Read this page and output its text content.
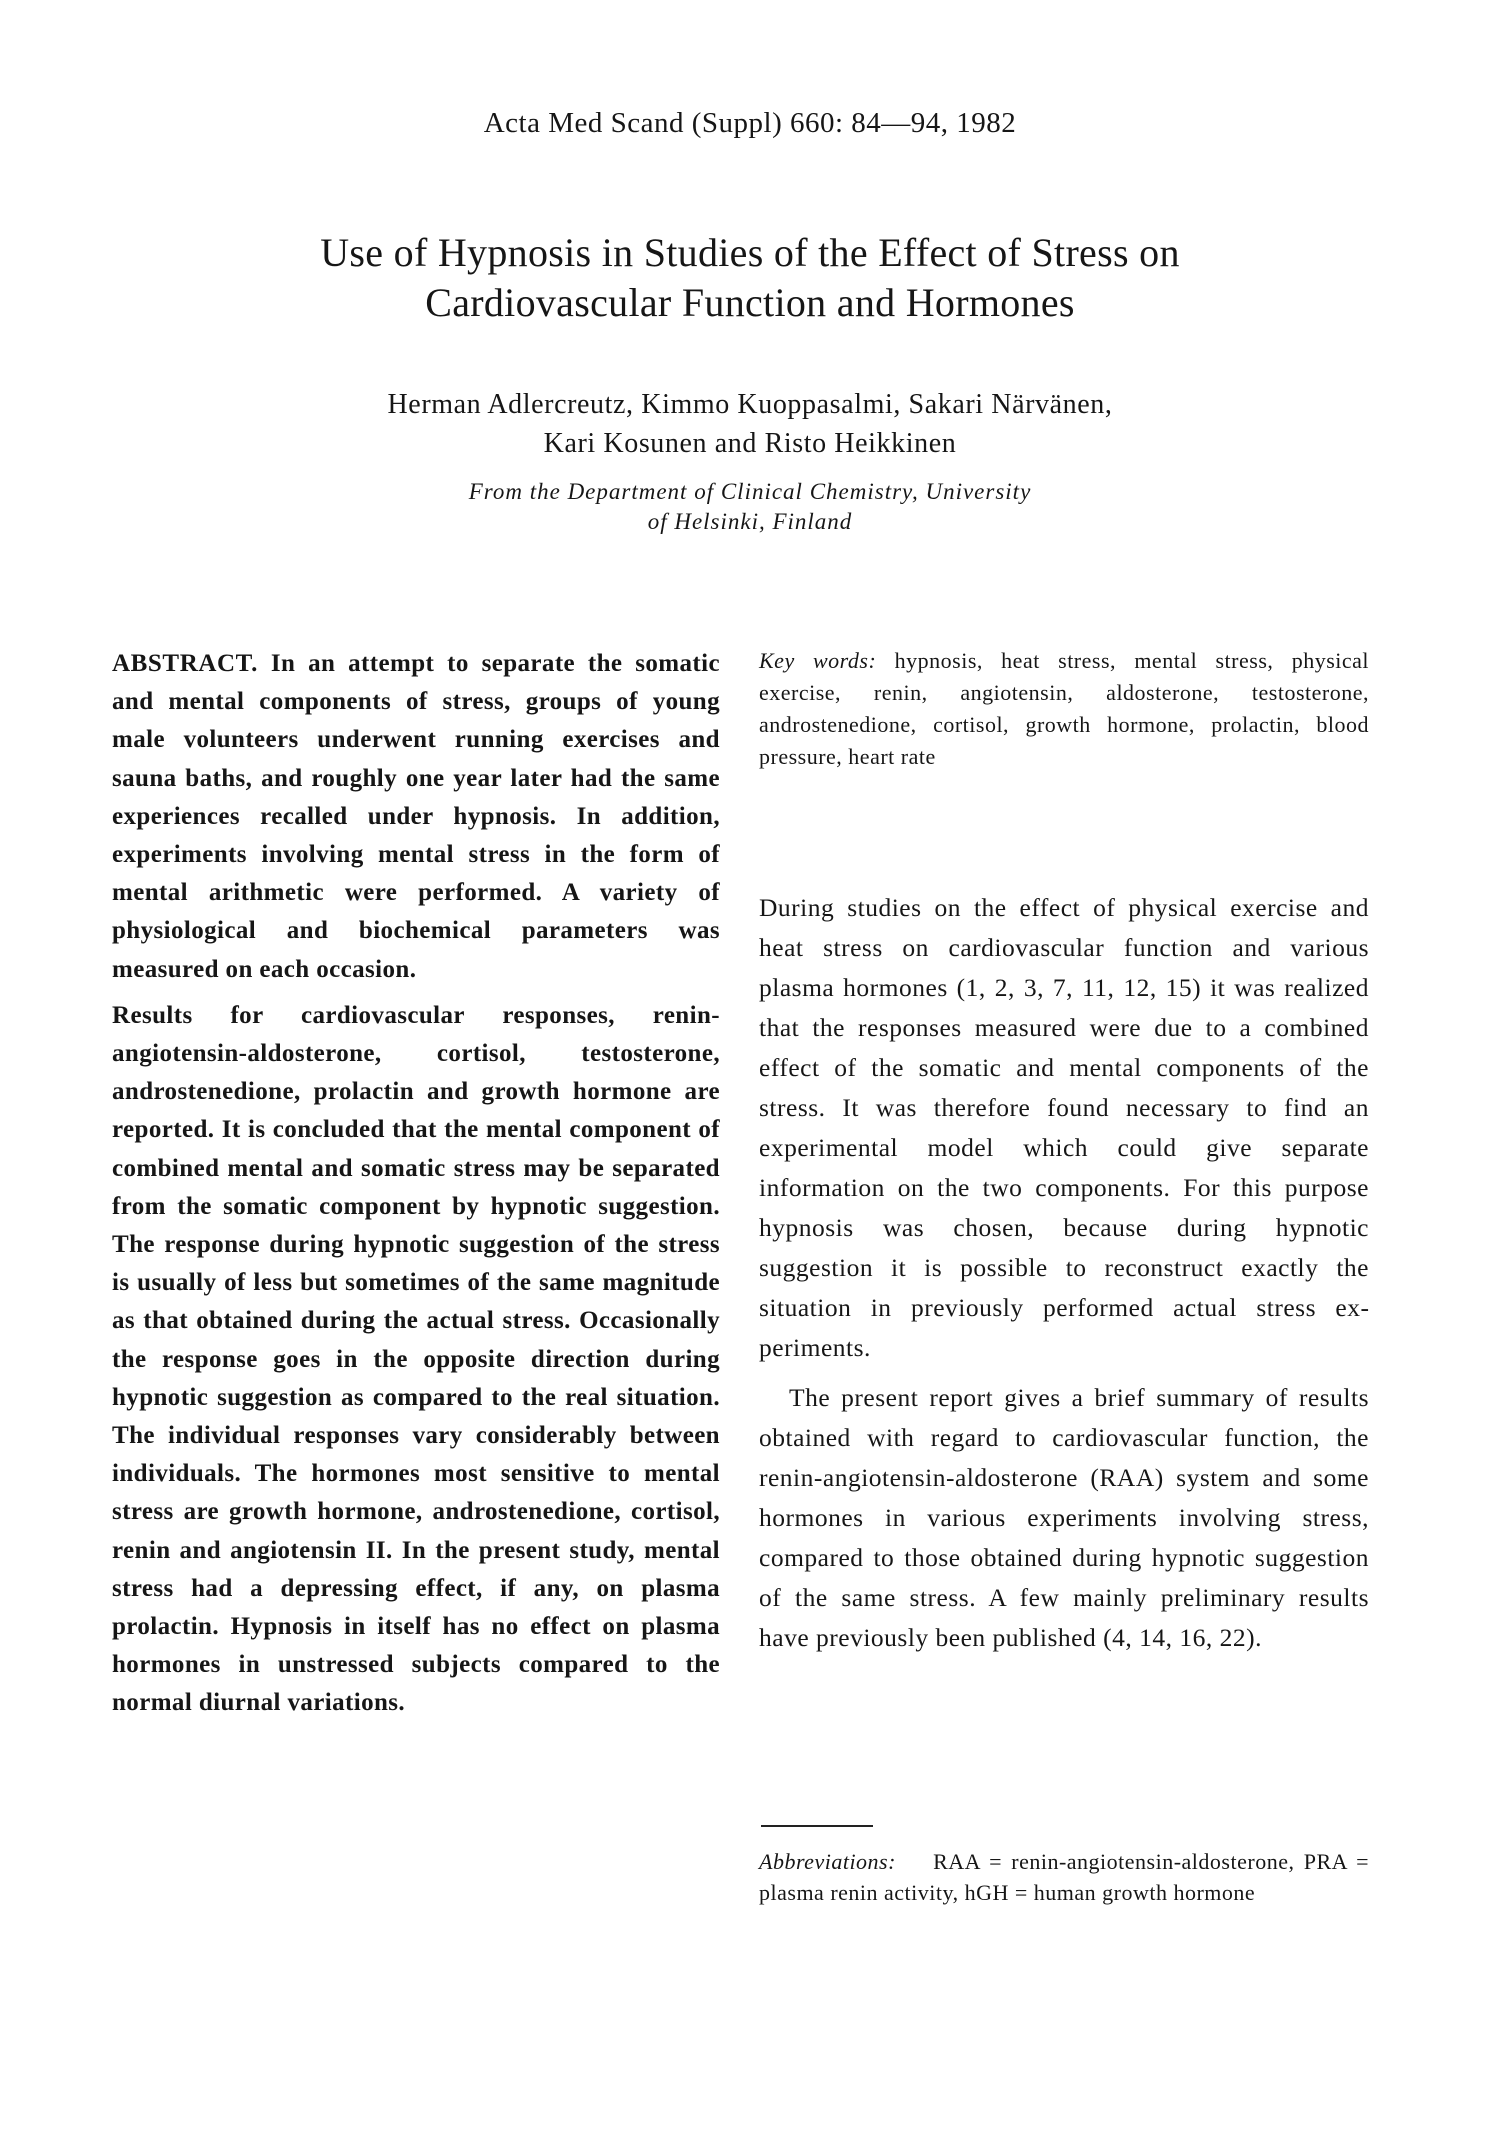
Acta Med Scand (Suppl) 660: 84—94, 1982
Use of Hypnosis in Studies of the Effect of Stress on
Cardiovascular Function and Hormones
Herman Adlercreutz, Kimmo Kuoppasalmi, Sakari Närvänen,
Kari Kosunen and Risto Heikkinen
From the Department of Clinical Chemistry, University
of Helsinki, Finland

ABSTRACT. In an attempt to separate the somatic and mental components of stress, groups of young male volunteers underwent running exercises and sauna baths, and roughly one year later had the same experiences recalled under hypnosis. In addition, experiments involving mental stress in the form of mental arithmetic were performed. A variety of physiological and biochemical parameters was measured on each occasion.

Results for cardiovascular responses, renin-angiotensin-aldosterone, cortisol, testosterone, androstenedione, prolactin and growth hormone are reported. It is concluded that the mental component of combined mental and somatic stress may be separated from the somatic component by hypnotic suggestion. The response during hypnotic suggestion of the stress is usually of less but sometimes of the same magnitude as that obtained during the actual stress. Occasionally the response goes in the opposite direction during hypnotic suggestion as compared to the real situation. The individual responses vary considerably between individuals. The hormones most sensitive to mental stress are growth hormone, androstenedione, cortisol, renin and angiotensin II. In the present study, mental stress had a depressing effect, if any, on plasma prolactin. Hypnosis in itself has no effect on plasma hormones in unstressed subjects compared to the normal diurnal variations.

Key words: hypnosis, heat stress, mental stress, physical exercise, renin, angiotensin, aldosterone, testosterone, androstenedione, cortisol, growth hormone, prolactin, blood pressure, heart rate

During studies on the effect of physical exercise and heat stress on cardiovascular function and various plasma hormones (1, 2, 3, 7, 11, 12, 15) it was realized that the responses measured were due to a combined effect of the somatic and mental components of the stress. It was therefore found necessary to find an experimental model which could give separate information on the two components. For this purpose hypnosis was chosen, because during hypnotic suggestion it is possible to reconstruct exactly the situation in previously performed actual stress experiments.

The present report gives a brief summary of results obtained with regard to cardiovascular function, the renin-angiotensin-aldosterone (RAA) system and some hormones in various experiments involving stress, compared to those obtained during hypnotic suggestion of the same stress. A few mainly preliminary results have previously been published (4, 14, 16, 22).

Abbreviations: RAA = renin-angiotensin-aldosterone, PRA = plasma renin activity, hGH = human growth hormone
